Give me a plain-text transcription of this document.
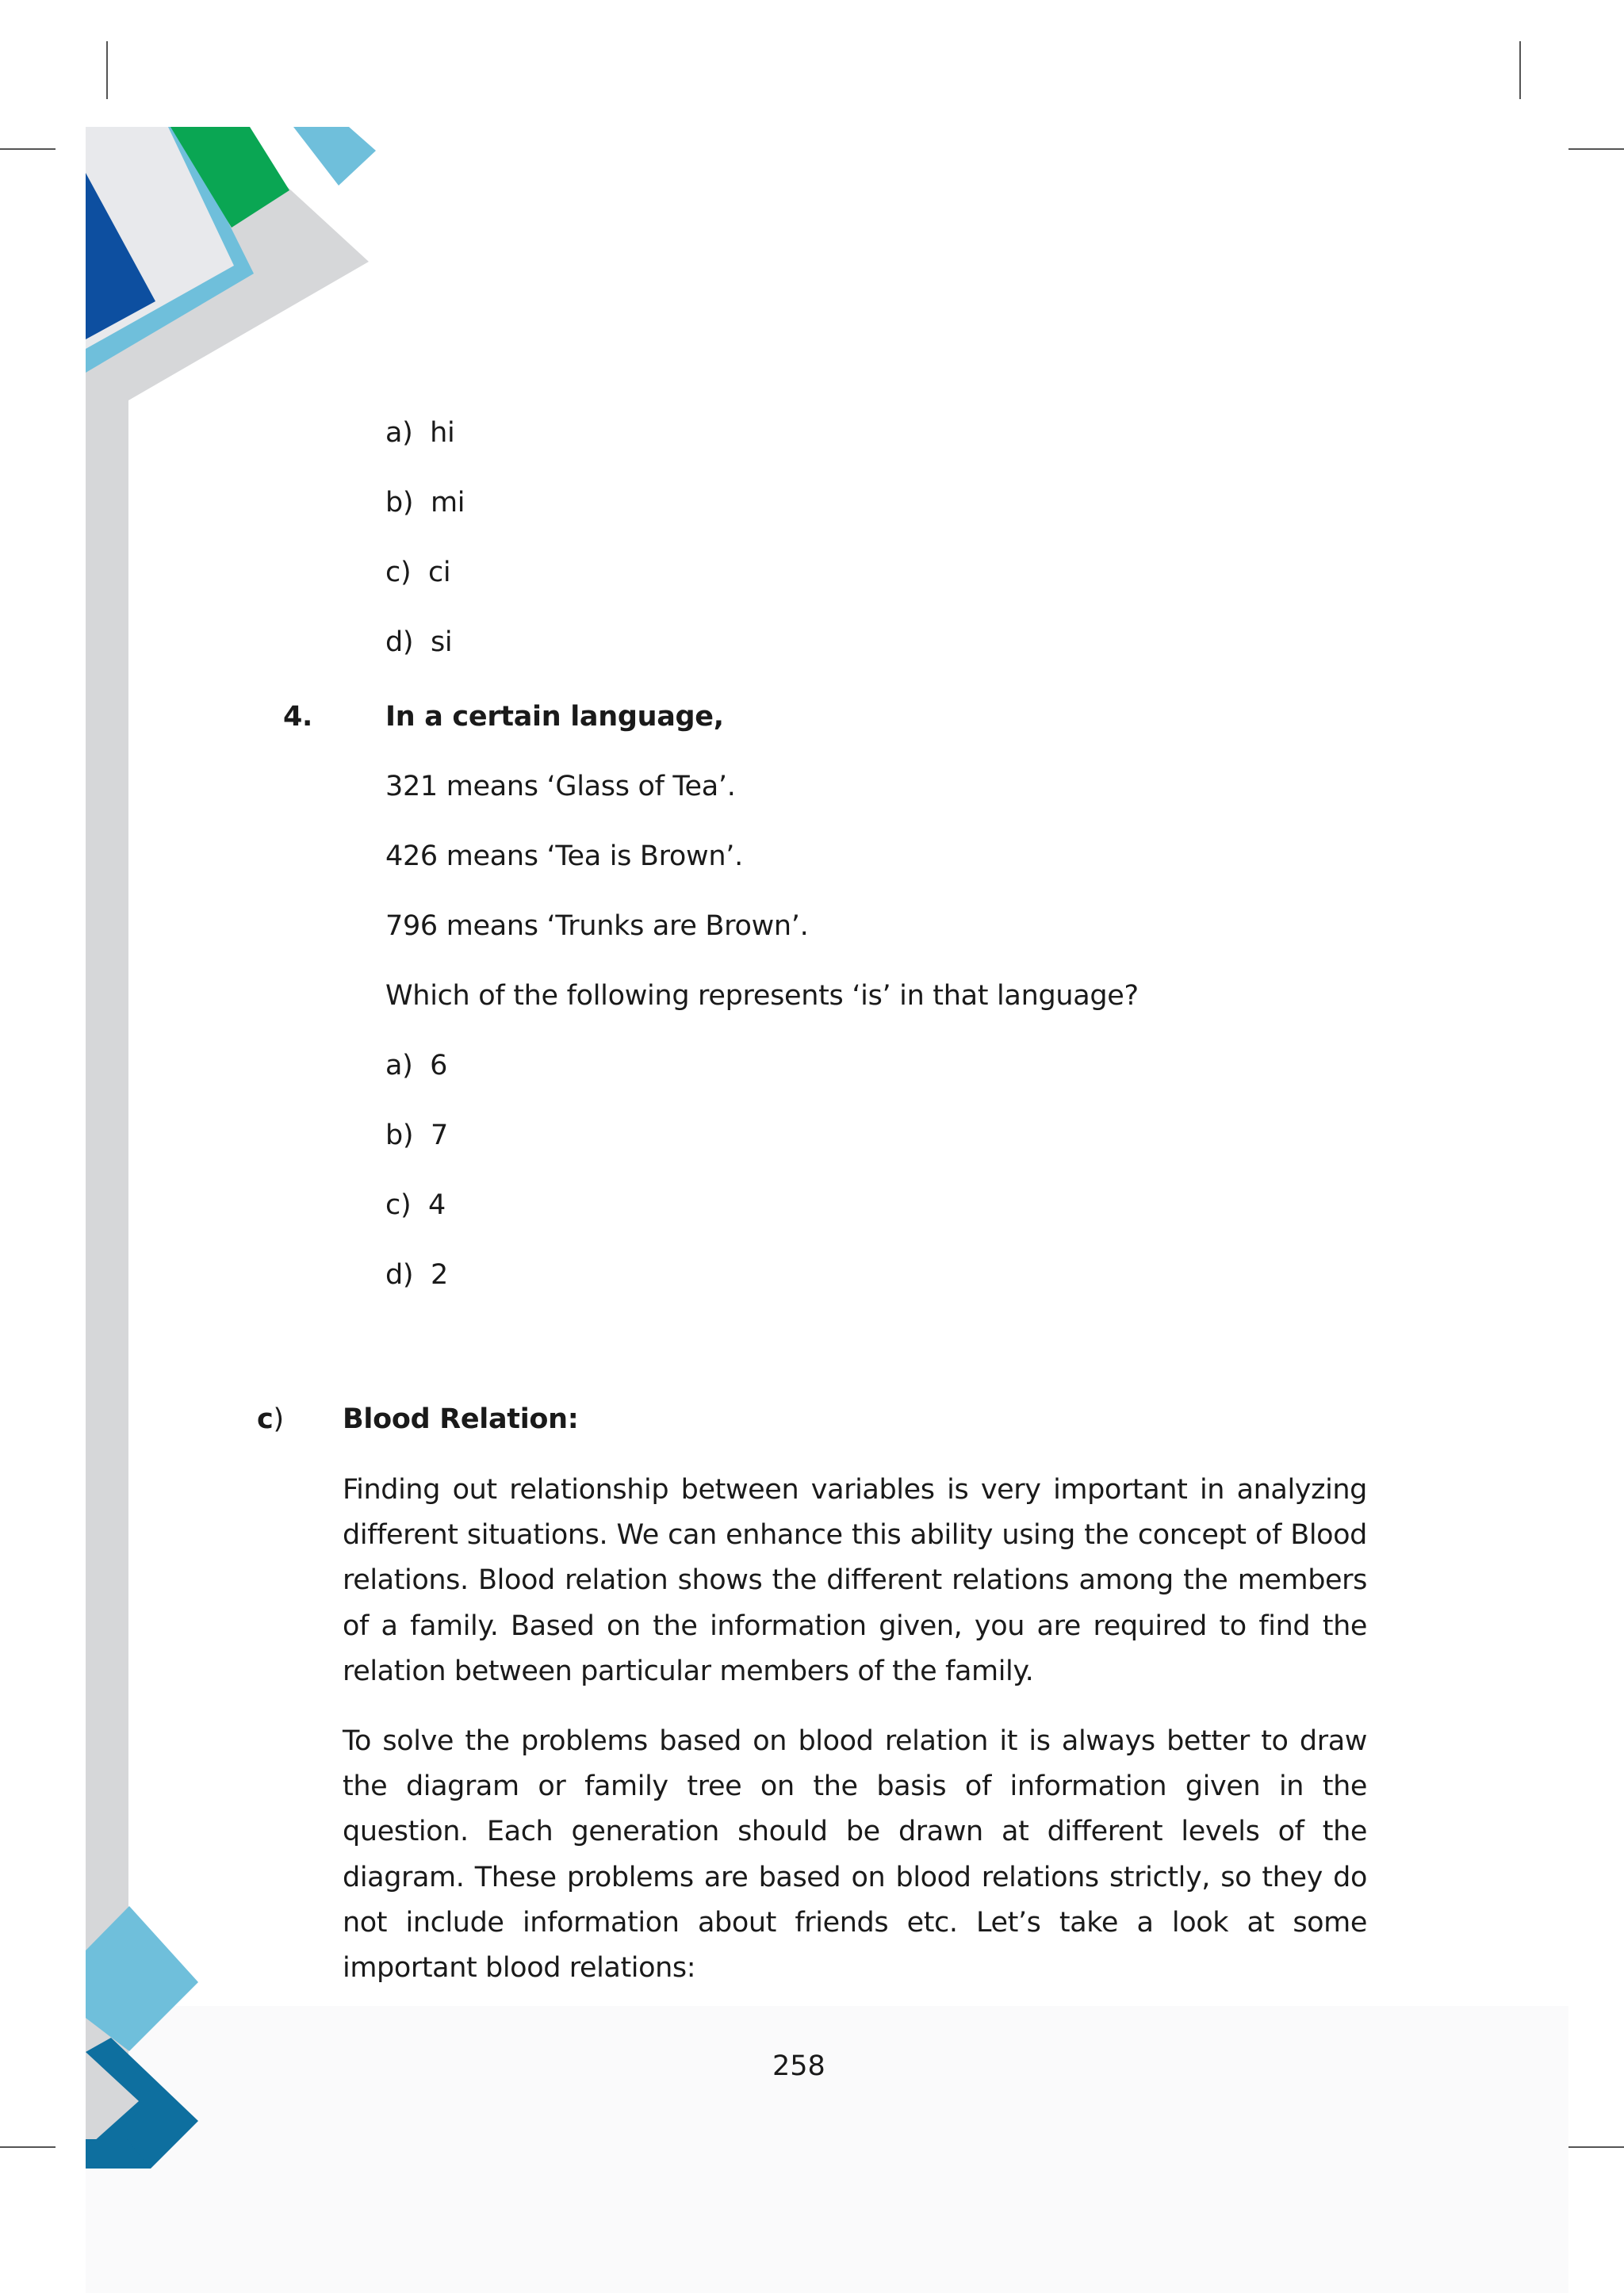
a) hi
b) mi
c) ci
d) si
4.	In a certain language,
321 means ‘Glass of Tea’.
426 means ‘Tea is Brown’.
796 means ‘Trunks are Brown’.
Which of the following represents ‘is’ in that language?
a) 6
b) 7
c) 4
d) 2
c) Blood Relation:
Finding out relationship between variables is very important in analyzing different situations. We can enhance this ability using the concept of Blood relations. Blood relation shows the different relations among the members of a family. Based on the information given, you are required to find the relation between particular members of the family.
To solve the problems based on blood relation it is always better to draw the diagram or family tree on the basis of information given in the question. Each generation should be drawn at different levels of the diagram. These problems are based on blood relations strictly, so they do not include information about friends etc. Let’s take a look at some important blood relations:
258
